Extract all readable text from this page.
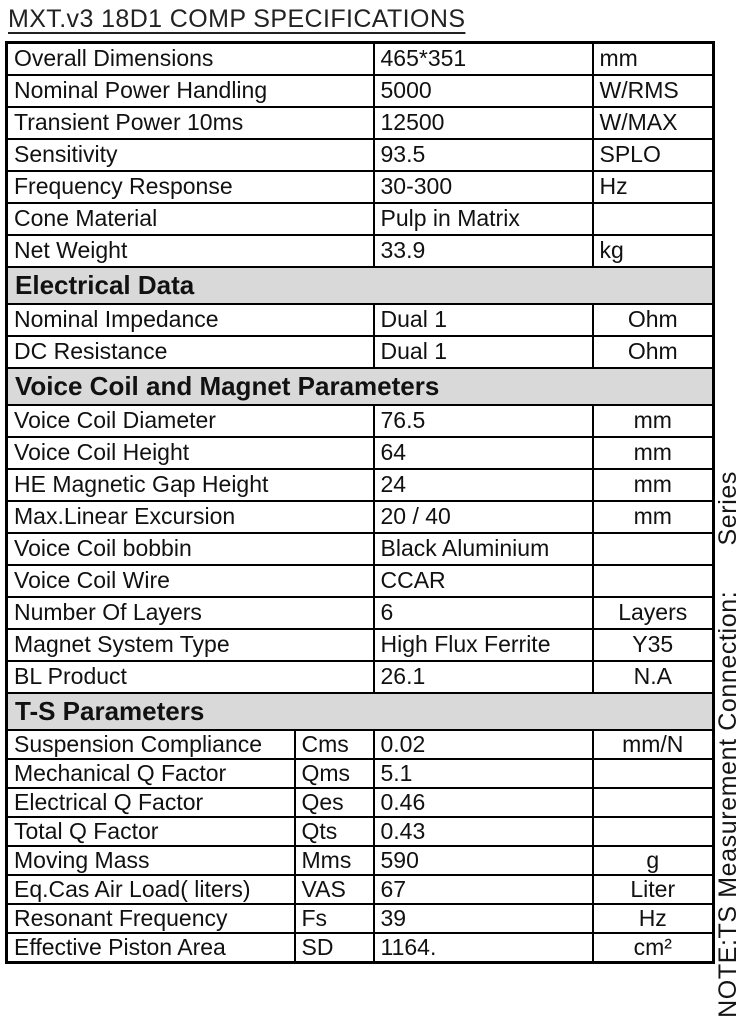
MXT.v3 18D1 COMP SPECIFICATIONS
Overall Dimensions		465*351	mm
Nominal Power Handling		5000	W/RMS
Transient Power 10ms		12500	W/MAX
Sensitivity		93.5	SPLO
Frequency Response		30-300	Hz
Cone Material		Pulp in Matrix	
Net Weight		33.9	kg
Electrical Data			
Nominal Impedance		Dual 1	Ohm
DC Resistance		Dual 1	Ohm
Voice Coil and Magnet Parameters			
Voice Coil Diameter		76.5	mm
Voice Coil Height		64	mm
HE Magnetic Gap Height		24	mm
Max.Linear Excursion		20 / 40	mm
Voice Coil bobbin		Black Aluminium	
Voice Coil Wire		CCAR	
Number Of Layers		6	Layers
Magnet System Type		High Flux Ferrite	Y35
BL Product		26.1	N.A
T-S Parameters			
Suspension Compliance	Cms	0.02	mm/N
Mechanical Q Factor	Qms	5.1	
Electrical Q Factor	Qes	0.46	
Total Q Factor	Qts	0.43	
Moving Mass	Mms	590	g
Eq.Cas Air Load( liters)	VAS	67	Liter
Resonant Frequency	Fs	39	Hz
Effective Piston Area	SD	1164.	cm² NOTE:TS Measurement Connection:      Series
